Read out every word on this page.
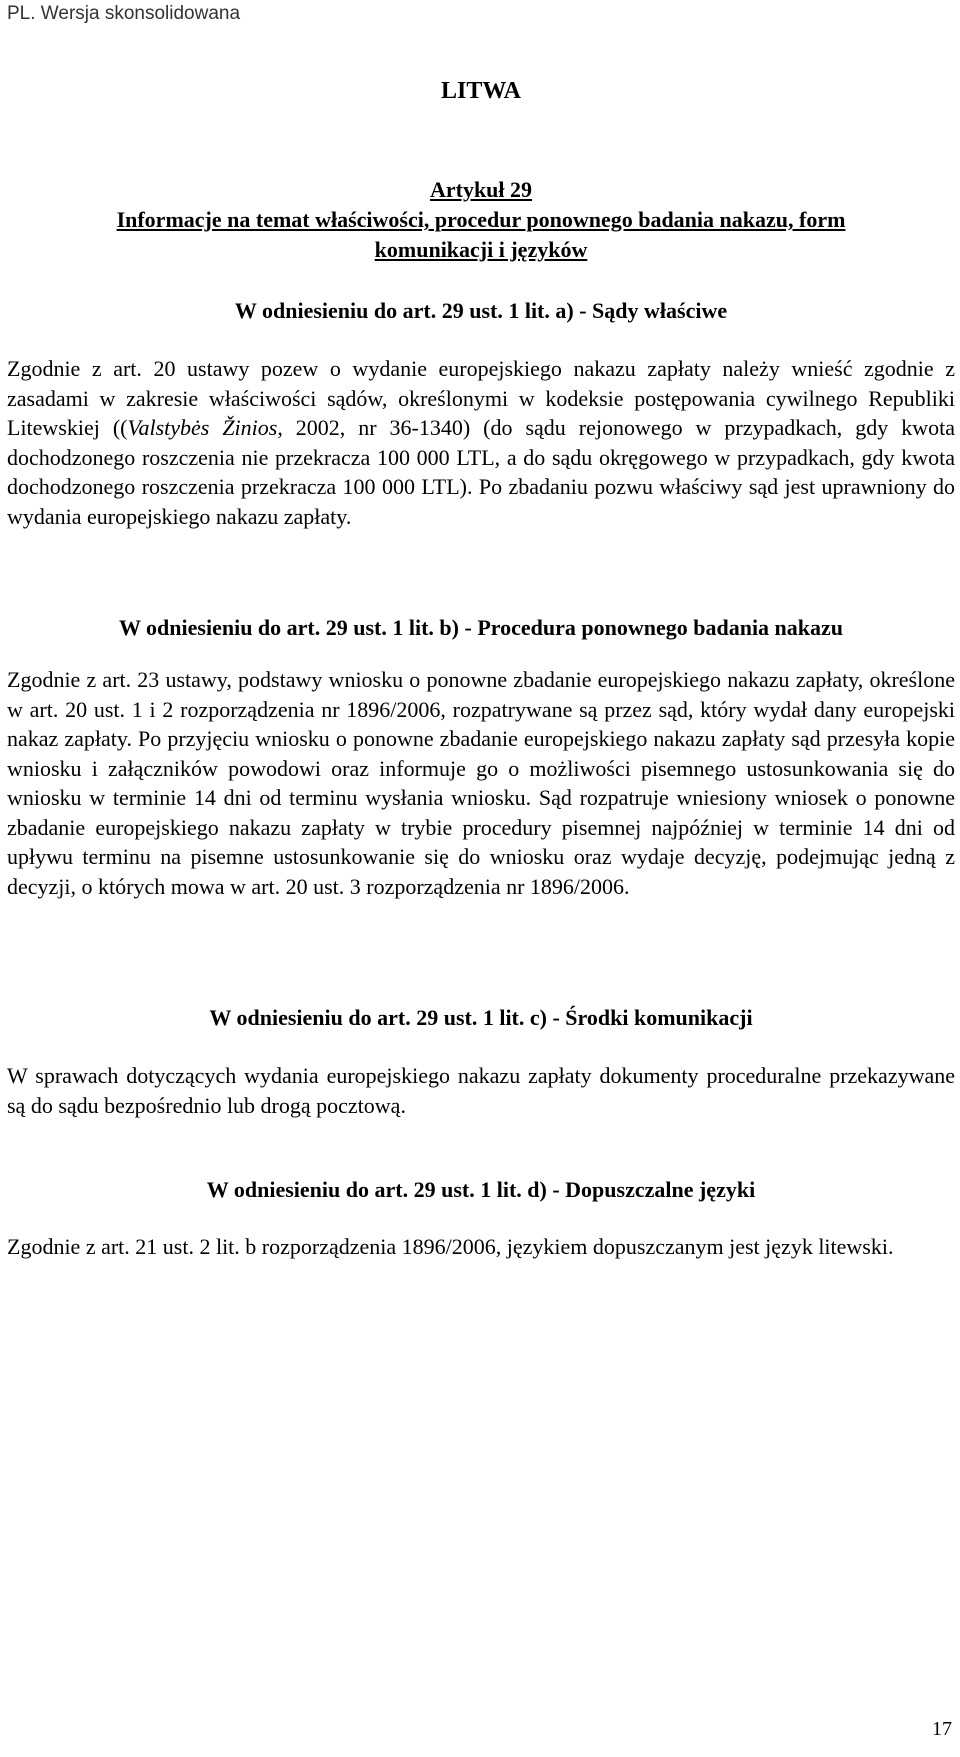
PL. Wersja skonsolidowana
LITWA
Artykuł 29
Informacje na temat właściwości, procedur ponownego badania nakazu, form
komunikacji i języków
W odniesieniu do art. 29 ust. 1 lit. a) - Sądy właściwe
Zgodnie z art. 20 ustawy pozew o wydanie europejskiego nakazu zapłaty należy wnieść zgodnie z zasadami w zakresie właściwości sądów, określonymi w kodeksie postępowania cywilnego Republiki Litewskiej ((Valstybės Žinios, 2002, nr 36-1340) (do sądu rejonowego w przypadkach, gdy kwota dochodzonego roszczenia nie przekracza 100 000 LTL, a do sądu okręgowego w przypadkach, gdy kwota dochodzonego roszczenia przekracza 100 000 LTL). Po zbadaniu pozwu właściwy sąd jest uprawniony do wydania europejskiego nakazu zapłaty.
W odniesieniu do art. 29 ust. 1 lit. b) - Procedura ponownego badania nakazu
Zgodnie z art. 23 ustawy, podstawy wniosku o ponowne zbadanie europejskiego nakazu zapłaty, określone w art. 20 ust. 1 i 2 rozporządzenia nr 1896/2006, rozpatrywane są przez sąd, który wydał dany europejski nakaz zapłaty. Po przyjęciu wniosku o ponowne zbadanie europejskiego nakazu zapłaty sąd przesyła kopie wniosku i załączników powodowi oraz informuje go o możliwości pisemnego ustosunkowania się do wniosku w terminie 14 dni od terminu wysłania wniosku. Sąd rozpatruje wniesiony wniosek o ponowne zbadanie europejskiego nakazu zapłaty w trybie procedury pisemnej najpóźniej w terminie 14 dni od upływu terminu na pisemne ustosunkowanie się do wniosku oraz wydaje decyzję, podejmując jedną z decyzji, o których mowa w art. 20 ust. 3 rozporządzenia nr 1896/2006.
W odniesieniu do art. 29 ust. 1 lit. c) - Środki komunikacji
W sprawach dotyczących wydania europejskiego nakazu zapłaty dokumenty proceduralne przekazywane są do sądu bezpośrednio lub drogą pocztową.
W odniesieniu do art. 29 ust. 1 lit. d) - Dopuszczalne języki
Zgodnie z art. 21 ust. 2 lit. b rozporządzenia 1896/2006, językiem dopuszczanym jest język litewski.
17
